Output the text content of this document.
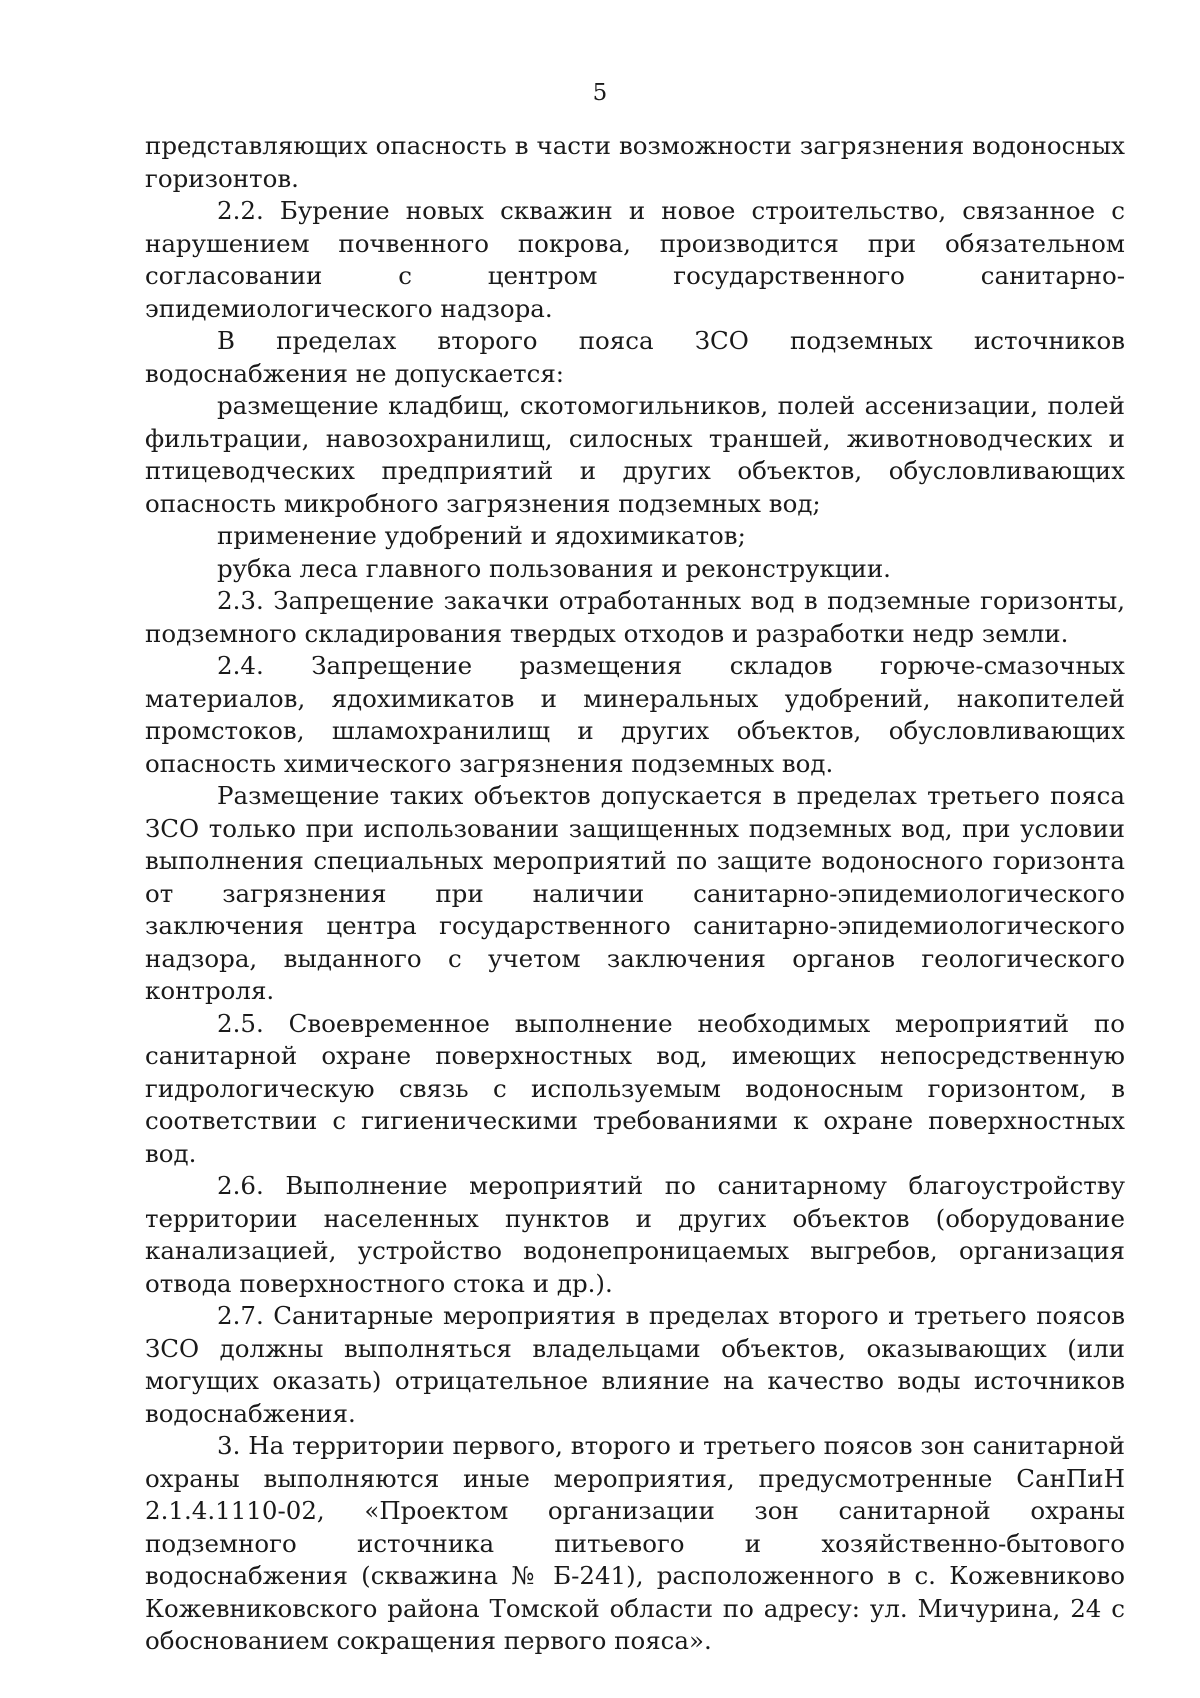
5

представляющих опасность в части возможности загрязнения водоносных горизонтов.

2.2. Бурение новых скважин и новое строительство, связанное с нарушением почвенного покрова, производится при обязательном согласовании с центром государственного санитарно-эпидемиологического надзора.

В пределах второго пояса ЗСО подземных источников водоснабжения не допускается:

размещение кладбищ, скотомогильников, полей ассенизации, полей фильтрации, навозохранилищ, силосных траншей, животноводческих и птицеводческих предприятий и других объектов, обусловливающих опасность микробного загрязнения подземных вод;

применение удобрений и ядохимикатов;

рубка леса главного пользования и реконструкции.

2.3. Запрещение закачки отработанных вод в подземные горизонты, подземного складирования твердых отходов и разработки недр земли.

2.4. Запрещение размещения складов горюче-смазочных материалов, ядохимикатов и минеральных удобрений, накопителей промстоков, шламохранилищ и других объектов, обусловливающих опасность химического загрязнения подземных вод.

Размещение таких объектов допускается в пределах третьего пояса ЗСО только при использовании защищенных подземных вод, при условии выполнения специальных мероприятий по защите водоносного горизонта от загрязнения при наличии санитарно-эпидемиологического заключения центра государственного санитарно-эпидемиологического надзора, выданного с учетом заключения органов геологического контроля.

2.5. Своевременное выполнение необходимых мероприятий по санитарной охране поверхностных вод, имеющих непосредственную гидрологическую связь с используемым водоносным горизонтом, в соответствии с гигиеническими требованиями к охране поверхностных вод.

2.6. Выполнение мероприятий по санитарному благоустройству территории населенных пунктов и других объектов (оборудование канализацией, устройство водонепроницаемых выгребов, организация отвода поверхностного стока и др.).

2.7. Санитарные мероприятия в пределах второго и третьего поясов ЗСО должны выполняться владельцами объектов, оказывающих (или могущих оказать) отрицательное влияние на качество воды источников водоснабжения.

3. На территории первого, второго и третьего поясов зон санитарной охраны выполняются иные мероприятия, предусмотренные СанПиН 2.1.4.1110-02, «Проектом организации зон санитарной охраны подземного источника питьевого и хозяйственно-бытового водоснабжения (скважина № Б-241), расположенного в с. Кожевниково Кожевниковского района Томской области по адресу: ул. Мичурина, 24 с обоснованием сокращения первого пояса».
